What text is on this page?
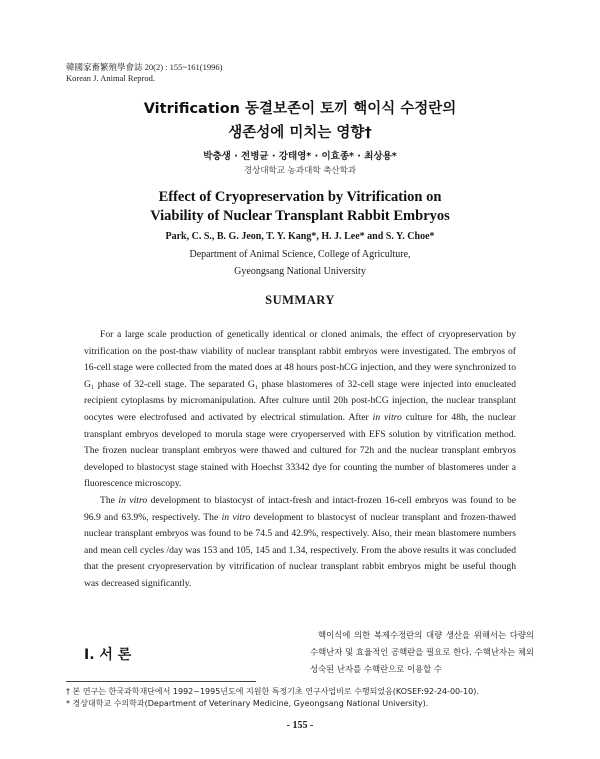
韓國家畜繁殖學會誌 20(2) : 155~161(1996)
Korean J. Animal Reprod.
Vitrification 동결보존이 토끼 핵이식 수정란의
생존성에 미치는 영향†
박충생 · 전병균 · 강태영* · 이효종* · 최상용*
경상대학교 농과대학 축산학과
Effect of Cryopreservation by Vitrification on
Viability of Nuclear Transplant Rabbit Embryos
Park, C. S., B. G. Jeon, T. Y. Kang*, H. J. Lee* and S. Y. Choe*
Department of Animal Science, College of Agriculture,
Gyeongsang National University
SUMMARY

For a large scale production of genetically identical or cloned animals, the effect of cryopreservation by vitrification on the post-thaw viability of nuclear transplant rabbit embryos were investigated. The embryos of 16-cell stage were collected from the mated does at 48 hours post-hCG injection, and they were synchronized to G₁ phase of 32-cell stage. The separated G₁ phase blastomeres of 32-cell stage were injected into enucleated recipient cytoplasms by micromanipulation. After culture until 20h post-hCG injection, the nuclear transplant oocytes were electrofused and activated by electrical stimulation. After in vitro culture for 48h, the nuclear transplant embryos developed to morula stage were cryoperserved with EFS solution by vitrification method. The frozen nuclear transplant embryos were thawed and cultured for 72h and the nuclear transplant embryos developed to blastocyst stage stained with Hoechst 33342 dye for counting the number of blastomeres under a fluorescence microscopy.

The in vitro development to blastocyst of intact-fresh and intact-frozen 16-cell embryos was found to be 96.9 and 63.9%, respectively. The in vitro development to blastocyst of nuclear transplant and frozen-thawed nuclear transplant embryos was found to be 74.5 and 42.9%, respectively. Also, their mean blastomere numbers and mean cell cycles /day was 153 and 105, 145 and 1.34, respectively. From the above results it was concluded that the present cryopreservation by vitrification of nuclear transplant rabbit embryos might be useful though was decreased significantly.

I. 서 론

핵이식에 의한 복제수정란의 대량 생산을 위해서는 다량의 수핵난자 및 효율적인 공핵란을 필요로 한다. 수핵난자는 체외성숙된 난자를 수핵란으로 이용할 수

† 본 연구는 한국과학재단에서 1992~1995년도에 지원한 특정기초 연구사업비로 수행되었음(KOSEF:92-24-00-10).
* 경상대학교 수의학과(Department of Veterinary Medicine, Gyeongsang National University).
- 155 -
